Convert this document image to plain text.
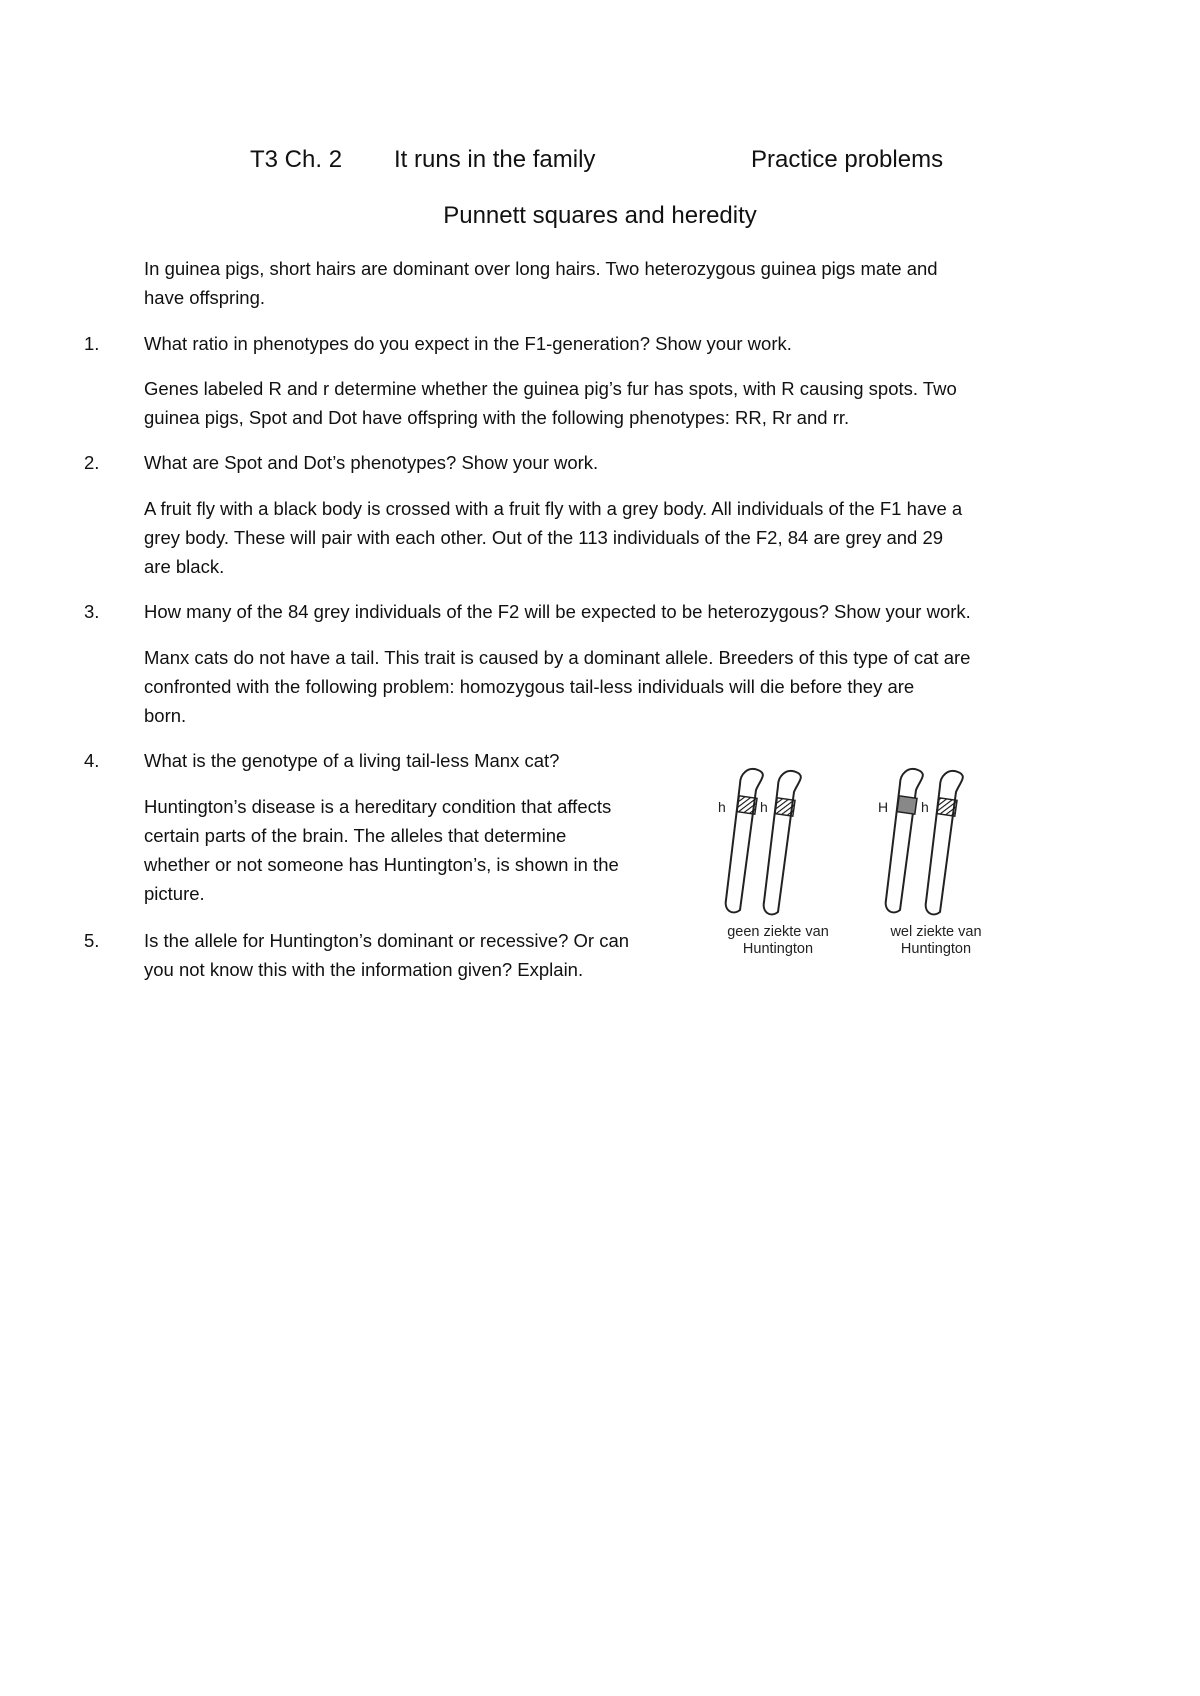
T3 Ch. 2 It runs in the family	Practice problems
Punnett squares and heredity
In guinea pigs, short hairs are dominant over long hairs. Two heterozygous guinea pigs mate and
have offspring.
1. What ratio in phenotypes do you expect in the F1-generation? Show your work.
Genes labeled R and r determine whether the guinea pig’s fur has spots, with R causing spots. Two
guinea pigs, Spot and Dot have offspring with the following phenotypes: RR, Rr and rr.
2. What are Spot and Dot’s phenotypes? Show your work.
A fruit fly with a black body is crossed with a fruit fly with a grey body. All individuals of the F1 have a
grey body. These will pair with each other. Out of the 113 individuals of the F2, 84 are grey and 29
are black.
3. How many of the 84 grey individuals of the F2 will be expected to be heterozygous? Show your work.
Manx cats do not have a tail. This trait is caused by a dominant allele. Breeders of this type of cat are
confronted with the following problem: homozygous tail-less individuals will die before they are
born.
4. What is the genotype of a living tail-less Manx cat?
Huntington’s disease is a hereditary condition that affects
certain parts of the brain. The alleles that determine
whether or not someone has Huntington’s, is shown in the
picture.
5. Is the allele for Huntington’s dominant or recessive? Or can
you not know this with the information given? Explain.
h h	H h
geen ziekte van
Huntington
wel ziekte van
Huntington
